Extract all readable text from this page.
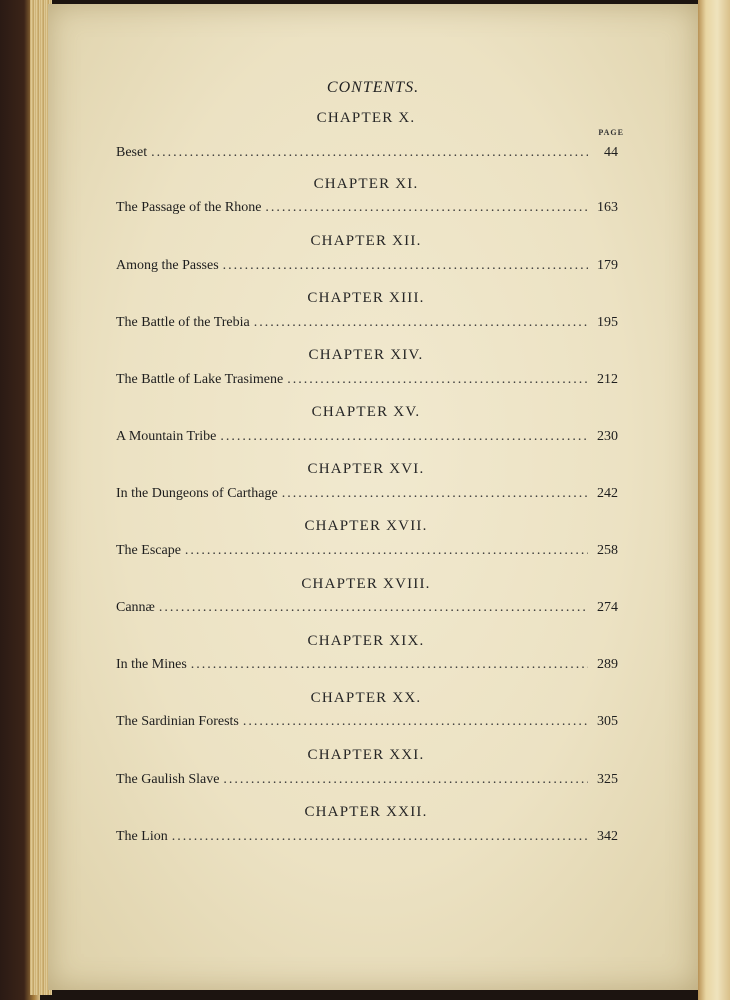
CONTENTS.
PAGE
CHAPTER X.
Beset .....	44
CHAPTER XI.
The Passage of the Rhone .....	163
CHAPTER XII.
Among the Passes .....	179
CHAPTER XIII.
The Battle of the Trebia .....	195
CHAPTER XIV.
The Battle of Lake Trasimene .....	212
CHAPTER XV.
A Mountain Tribe .....	230
CHAPTER XVI.
In the Dungeons of Carthage .....	242
CHAPTER XVII.
The Escape .....	258
CHAPTER XVIII.
Cannæ .....	274
CHAPTER XIX.
In the Mines .....	289
CHAPTER XX.
The Sardinian Forests .....	305
CHAPTER XXI.
The Gaulish Slave .....	325
CHAPTER XXII.
The Lion .....	342
